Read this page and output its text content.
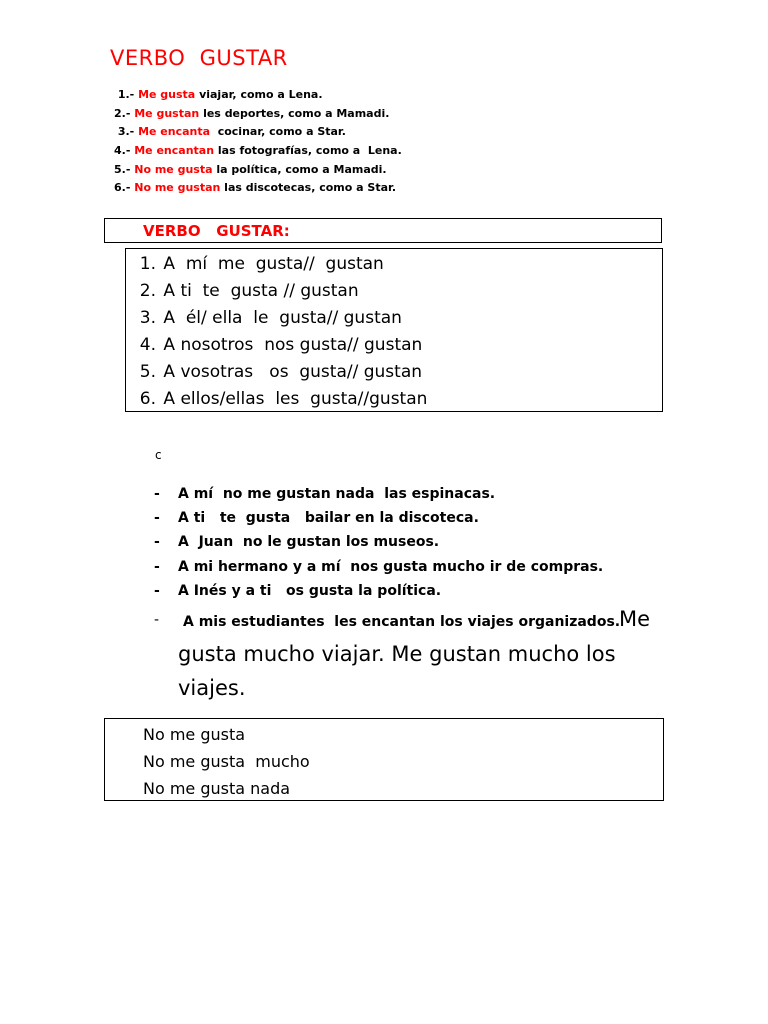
VERBO  GUSTAR
1.- Me gusta viajar, como a Lena.
2.- Me gustan les deportes, como a Mamadi.
3.- Me encanta  cocinar, como a Star.
4.- Me encantan las fotografías, como a  Lena.
5.- No me gusta la política, como a Mamadi.
6.- No me gustan las discotecas, como a Star.
VERBO   GUSTAR:
1. A  mí  me  gusta//  gustan
2. A ti  te  gusta // gustan
3. A  él/ ella  le  gusta// gustan
4. A nosotros  nos gusta// gustan
5. A vosotras   os  gusta// gustan
6. A ellos/ellas  les  gusta//gustan
c
- A mí  no me gustan nada  las espinacas.
- A ti   te  gusta   bailar en la discoteca.
- A  Juan  no le gustan los museos.
- A mi hermano y a mí  nos gusta mucho ir de compras.
- A Inés y a ti   os gusta la política.
- A mis estudiantes  les encantan los viajes organizados.
Me gusta mucho viajar. Me gustan mucho los viajes.
No me gusta
No me gusta  mucho
No me gusta nada
